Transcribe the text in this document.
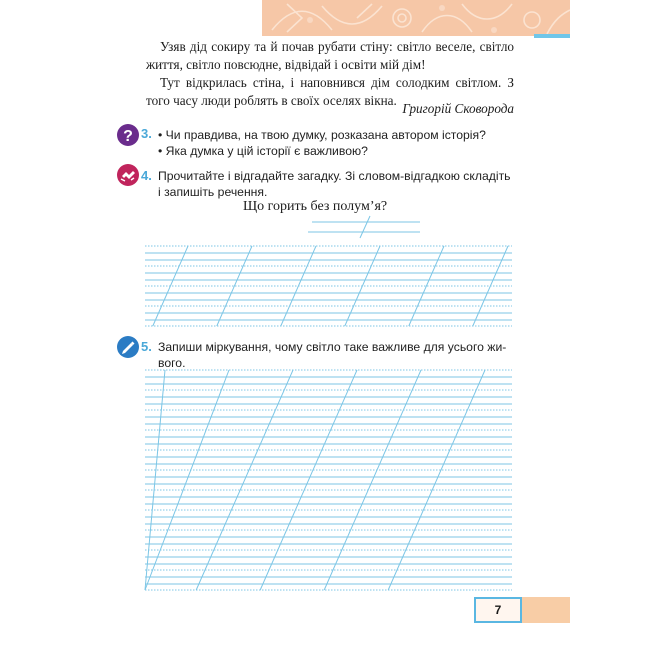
Узяв дід сокиру та й почав рубати стіну: світло веселе, світло життя, світло повсюдне, відвідай і освіти мій дім!

Тут відкрилась стіна, і наповнився дім солодким світлом. З того часу люди роблять в своїх оселях вікна.

Григорій Сковорода
? 3. • Чи правдива, на твою думку, розказана автором історія?
• Яка думка у цій історії є важливою?
4. Прочитайте і відгадайте загадку. Зі словом-відгадкою складіть
і запишіть речення.
Що горить без полум’я?
5. Запиши міркування, чому світло таке важливе для усього жи-
вого.
7
